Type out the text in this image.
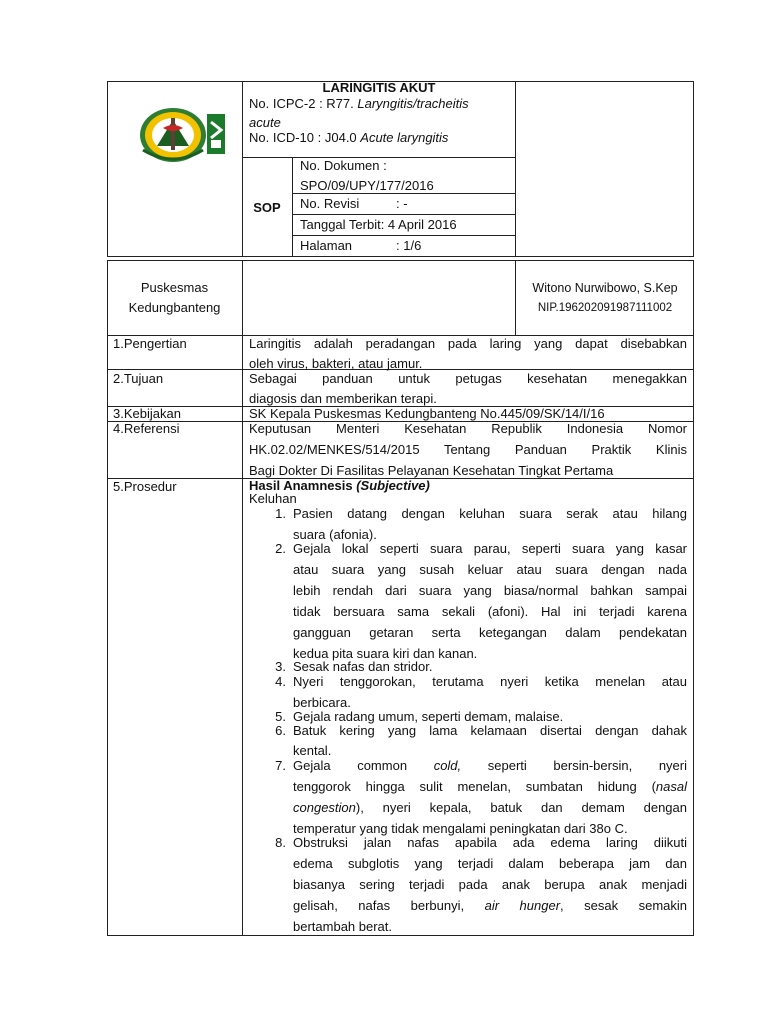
LARINGITIS AKUT
No. ICPC-2 : R77. Laryngitis/tracheitis
acute
No. ICD-10 : J04.0 Acute laryngitis
SOP
No. Dokumen :
SPO/09/UPY/177/2016
No. Revisi	: -
Tanggal Terbit: 4 April 2016
Halaman	: 1/6
Puskesmas
Kedungbanteng
Witono Nurwibowo, S.Kep
NIP.196202091987111002
1.Pengertian
2.Tujuan
3.Kebijakan
4.Referensi
5.Prosedur
Laringitis adalah peradangan pada laring yang dapat disebabkan
oleh virus, bakteri, atau jamur.
Sebagai panduan untuk petugas kesehatan menegakkan
diagosis dan memberikan terapi.
SK Kepala Puskesmas Kedungbanteng No.445/09/SK/14/I/16
Keputusan Menteri Kesehatan Republik Indonesia Nomor
HK.02.02/MENKES/514/2015 Tentang Panduan Praktik Klinis
Bagi Dokter Di Fasilitas Pelayanan Kesehatan Tingkat Pertama
Hasil Anamnesis (Subjective)
Keluhan
1. Pasien datang dengan keluhan suara serak atau hilang
suara (afonia).
2. Gejala lokal seperti suara parau, seperti suara yang kasar
atau suara yang susah keluar atau suara dengan nada
lebih rendah dari suara yang biasa/normal bahkan sampai
tidak bersuara sama sekali (afoni). Hal ini terjadi karena
gangguan getaran serta ketegangan dalam pendekatan
kedua pita suara kiri dan kanan.
3. Sesak nafas dan stridor.
4. Nyeri tenggorokan, terutama nyeri ketika menelan atau
berbicara.
5. Gejala radang umum, seperti demam, malaise.
6. Batuk kering yang lama kelamaan disertai dengan dahak
kental.
7. Gejala common cold, seperti bersin-bersin, nyeri
tenggorok hingga sulit menelan, sumbatan hidung (nasal
congestion), nyeri kepala, batuk dan demam dengan
temperatur yang tidak mengalami peningkatan dari 38o C.
8. Obstruksi jalan nafas apabila ada edema laring diikuti
edema subglotis yang terjadi dalam beberapa jam dan
biasanya sering terjadi pada anak berupa anak menjadi
gelisah, nafas berbunyi, air hunger, sesak semakin
bertambah berat.
